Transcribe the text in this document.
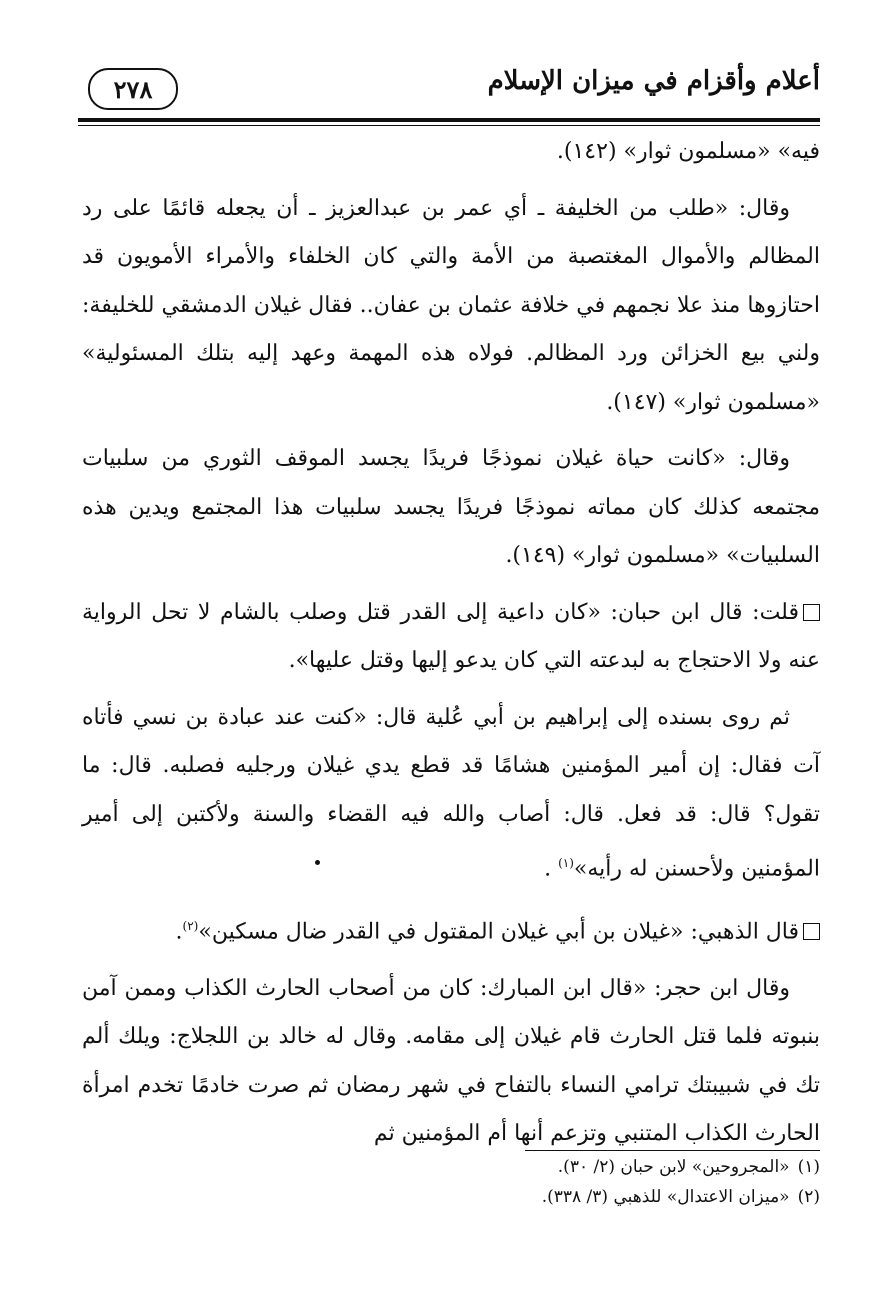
أعلام وأقزام في ميزان الإسلام
٢٧٨

فيه» «مسلمون ثوار» (١٤٢).

وقال: «طلب من الخليفة ـ أي عمر بن عبدالعزيز ـ أن يجعله قائمًا على رد المظالم والأموال المغتصبة من الأمة والتي كان الخلفاء والأمراء الأمويون قد احتازوها منذ علا نجمهم في خلافة عثمان بن عفان.. فقال غيلان الدمشقي للخليفة: ولني بيع الخزائن ورد المظالم. فولاه هذه المهمة وعهد إليه بتلك المسئولية» «مسلمون ثوار» (١٤٧).

وقال: «كانت حياة غيلان نموذجًا فريدًا يجسد الموقف الثوري من سلبيات مجتمعه كذلك كان مماته نموذجًا فريدًا يجسد سلبيات هذا المجتمع ويدين هذه السلبيات» «مسلمون ثوار» (١٤٩).

قلت: قال ابن حبان: «كان داعية إلى القدر قتل وصلب بالشام لا تحل الرواية عنه ولا الاحتجاج به لبدعته التي كان يدعو إليها وقتل عليها».

ثم روى بسنده إلى إبراهيم بن أبي عُلية قال: «كنت عند عبادة بن نسي فأتاه آت فقال: إن أمير المؤمنين هشامًا قد قطع يدي غيلان ورجليه فصلبه. قال: ما تقول؟ قال: قد فعل. قال: أصاب والله فيه القضاء والسنة ولأكتبن إلى أمير المؤمنين ولأحسنن له رأيه»$^{(١)}$ .

قال الذهبي: «غيلان بن أبي غيلان المقتول في القدر ضال مسكين»$^{(٢)}$.

وقال ابن حجر: «قال ابن المبارك: كان من أصحاب الحارث الكذاب وممن آمن بنبوته فلما قتل الحارث قام غيلان إلى مقامه. وقال له خالد بن اللجلاج: ويلك ألم تك في شبيبتك ترامي النساء بالتفاح في شهر رمضان ثم صرت خادمًا تخدم امرأة الحارث الكذاب المتنبي وتزعم أنها أم المؤمنين ثم

(١)«المجروحين» لابن حبان (٢/ ٣٠).
(٢)«ميزان الاعتدال» للذهبي (٣/ ٣٣٨).
